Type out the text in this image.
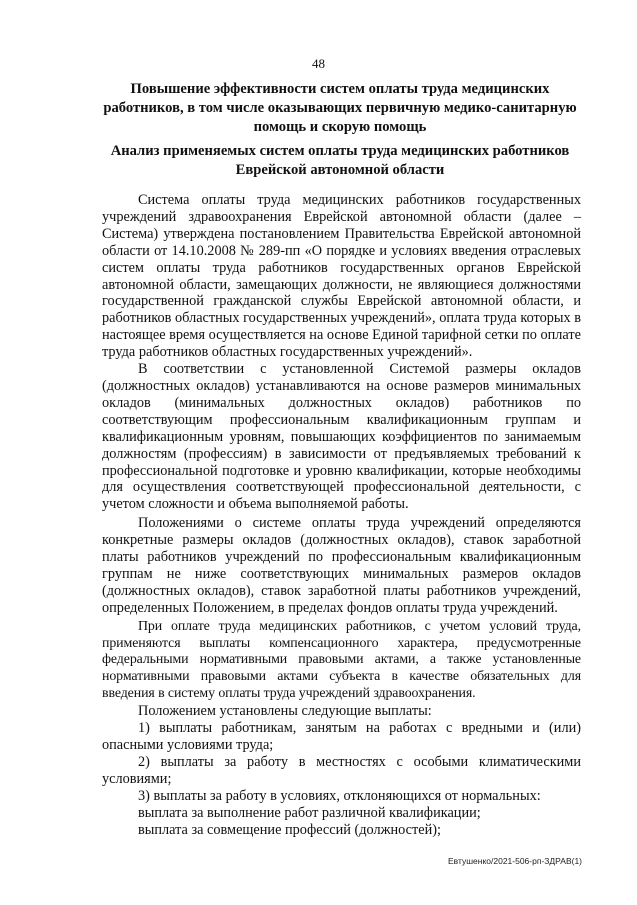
48
Повышение эффективности систем оплаты труда медицинских работников, в том числе оказывающих первичную медико-санитарную помощь и скорую помощь
Анализ применяемых систем оплаты труда медицинских работников Еврейской автономной области

Система оплаты труда медицинских работников государственных учреждений здравоохранения Еврейской автономной области (далее – Система) утверждена постановлением Правительства Еврейской автономной области от 14.10.2008 № 289-пп «О порядке и условиях введения отраслевых систем оплаты труда работников государственных органов Еврейской автономной области, замещающих должности, не являющиеся должностями государственной гражданской службы Еврейской автономной области, и работников областных государственных учреждений», оплата труда которых в настоящее время осуществляется на основе Единой тарифной сетки по оплате труда работников областных государственных учреждений».

В соответствии с установленной Системой размеры окладов (должностных окладов) устанавливаются на основе размеров минимальных окладов (минимальных должностных окладов) работников по соответствующим профессиональным квалификационным группам и квалификационным уровням, повышающих коэффициентов по занимаемым должностям (профессиям) в зависимости от предъявляемых требований к профессиональной подготовке и уровню квалификации, которые необходимы для осуществления соответствующей профессиональной деятельности, с учетом сложности и объема выполняемой работы.

Положениями о системе оплаты труда учреждений определяются конкретные размеры окладов (должностных окладов), ставок заработной платы работников учреждений по профессиональным квалификационным группам не ниже соответствующих минимальных размеров окладов (должностных окладов), ставок заработной платы работников учреждений, определенных Положением, в пределах фондов оплаты труда учреждений.

При оплате труда медицинских работников, с учетом условий труда, применяются выплаты компенсационного характера, предусмотренные федеральными нормативными правовыми актами, а также установленные нормативными правовыми актами субъекта в качестве обязательных для введения в систему оплаты труда учреждений здравоохранения.

Положением установлены следующие выплаты:

1) выплаты работникам, занятым на работах с вредными и (или) опасными условиями труда;

2) выплаты за работу в местностях с особыми климатическими условиями;

3) выплаты за работу в условиях, отклоняющихся от нормальных:

выплата за выполнение работ различной квалификации;

выплата за совмещение профессий (должностей);

Евтушенко/2021-506-рп-ЗДРАВ(1)
